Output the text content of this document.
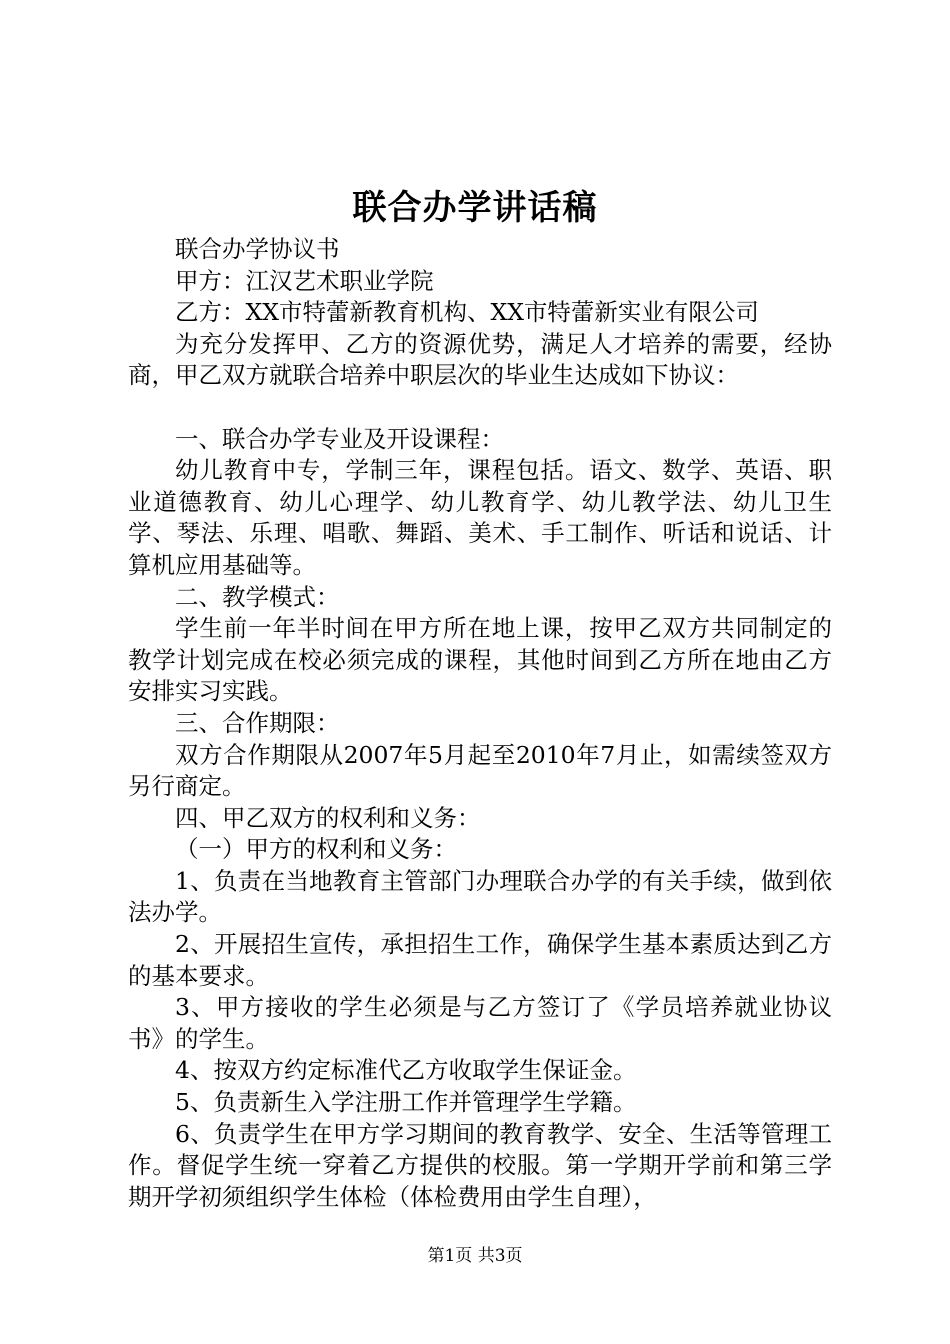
联合办学讲话稿

联合办学协议书

甲方：江汉艺术职业学院

乙方：XX市特蕾新教育机构、XX市特蕾新实业有限公司

为充分发挥甲、乙方的资源优势，满足人才培养的需要，经协商，甲乙双方就联合培养中职层次的毕业生达成如下协议：

一、联合办学专业及开设课程：

幼儿教育中专，学制三年，课程包括。语文、数学、英语、职业道德教育、幼儿心理学、幼儿教育学、幼儿教学法、幼儿卫生学、琴法、乐理、唱歌、舞蹈、美术、手工制作、听话和说话、计算机应用基础等。

二、教学模式：

学生前一年半时间在甲方所在地上课，按甲乙双方共同制定的教学计划完成在校必须完成的课程，其他时间到乙方所在地由乙方安排实习实践。

三、合作期限：

双方合作期限从2007年5月起至2010年7月止，如需续签双方另行商定。

四、甲乙双方的权利和义务：

（一）甲方的权利和义务：

1、负责在当地教育主管部门办理联合办学的有关手续，做到依法办学。

2、开展招生宣传，承担招生工作，确保学生基本素质达到乙方的基本要求。

3、甲方接收的学生必须是与乙方签订了《学员培养就业协议书》的学生。

4、按双方约定标准代乙方收取学生保证金。

5、负责新生入学注册工作并管理学生学籍。

6、负责学生在甲方学习期间的教育教学、安全、生活等管理工作。督促学生统一穿着乙方提供的校服。第一学期开学前和第三学期开学初须组织学生体检（体检费用由学生自理），

第1页 共3页
